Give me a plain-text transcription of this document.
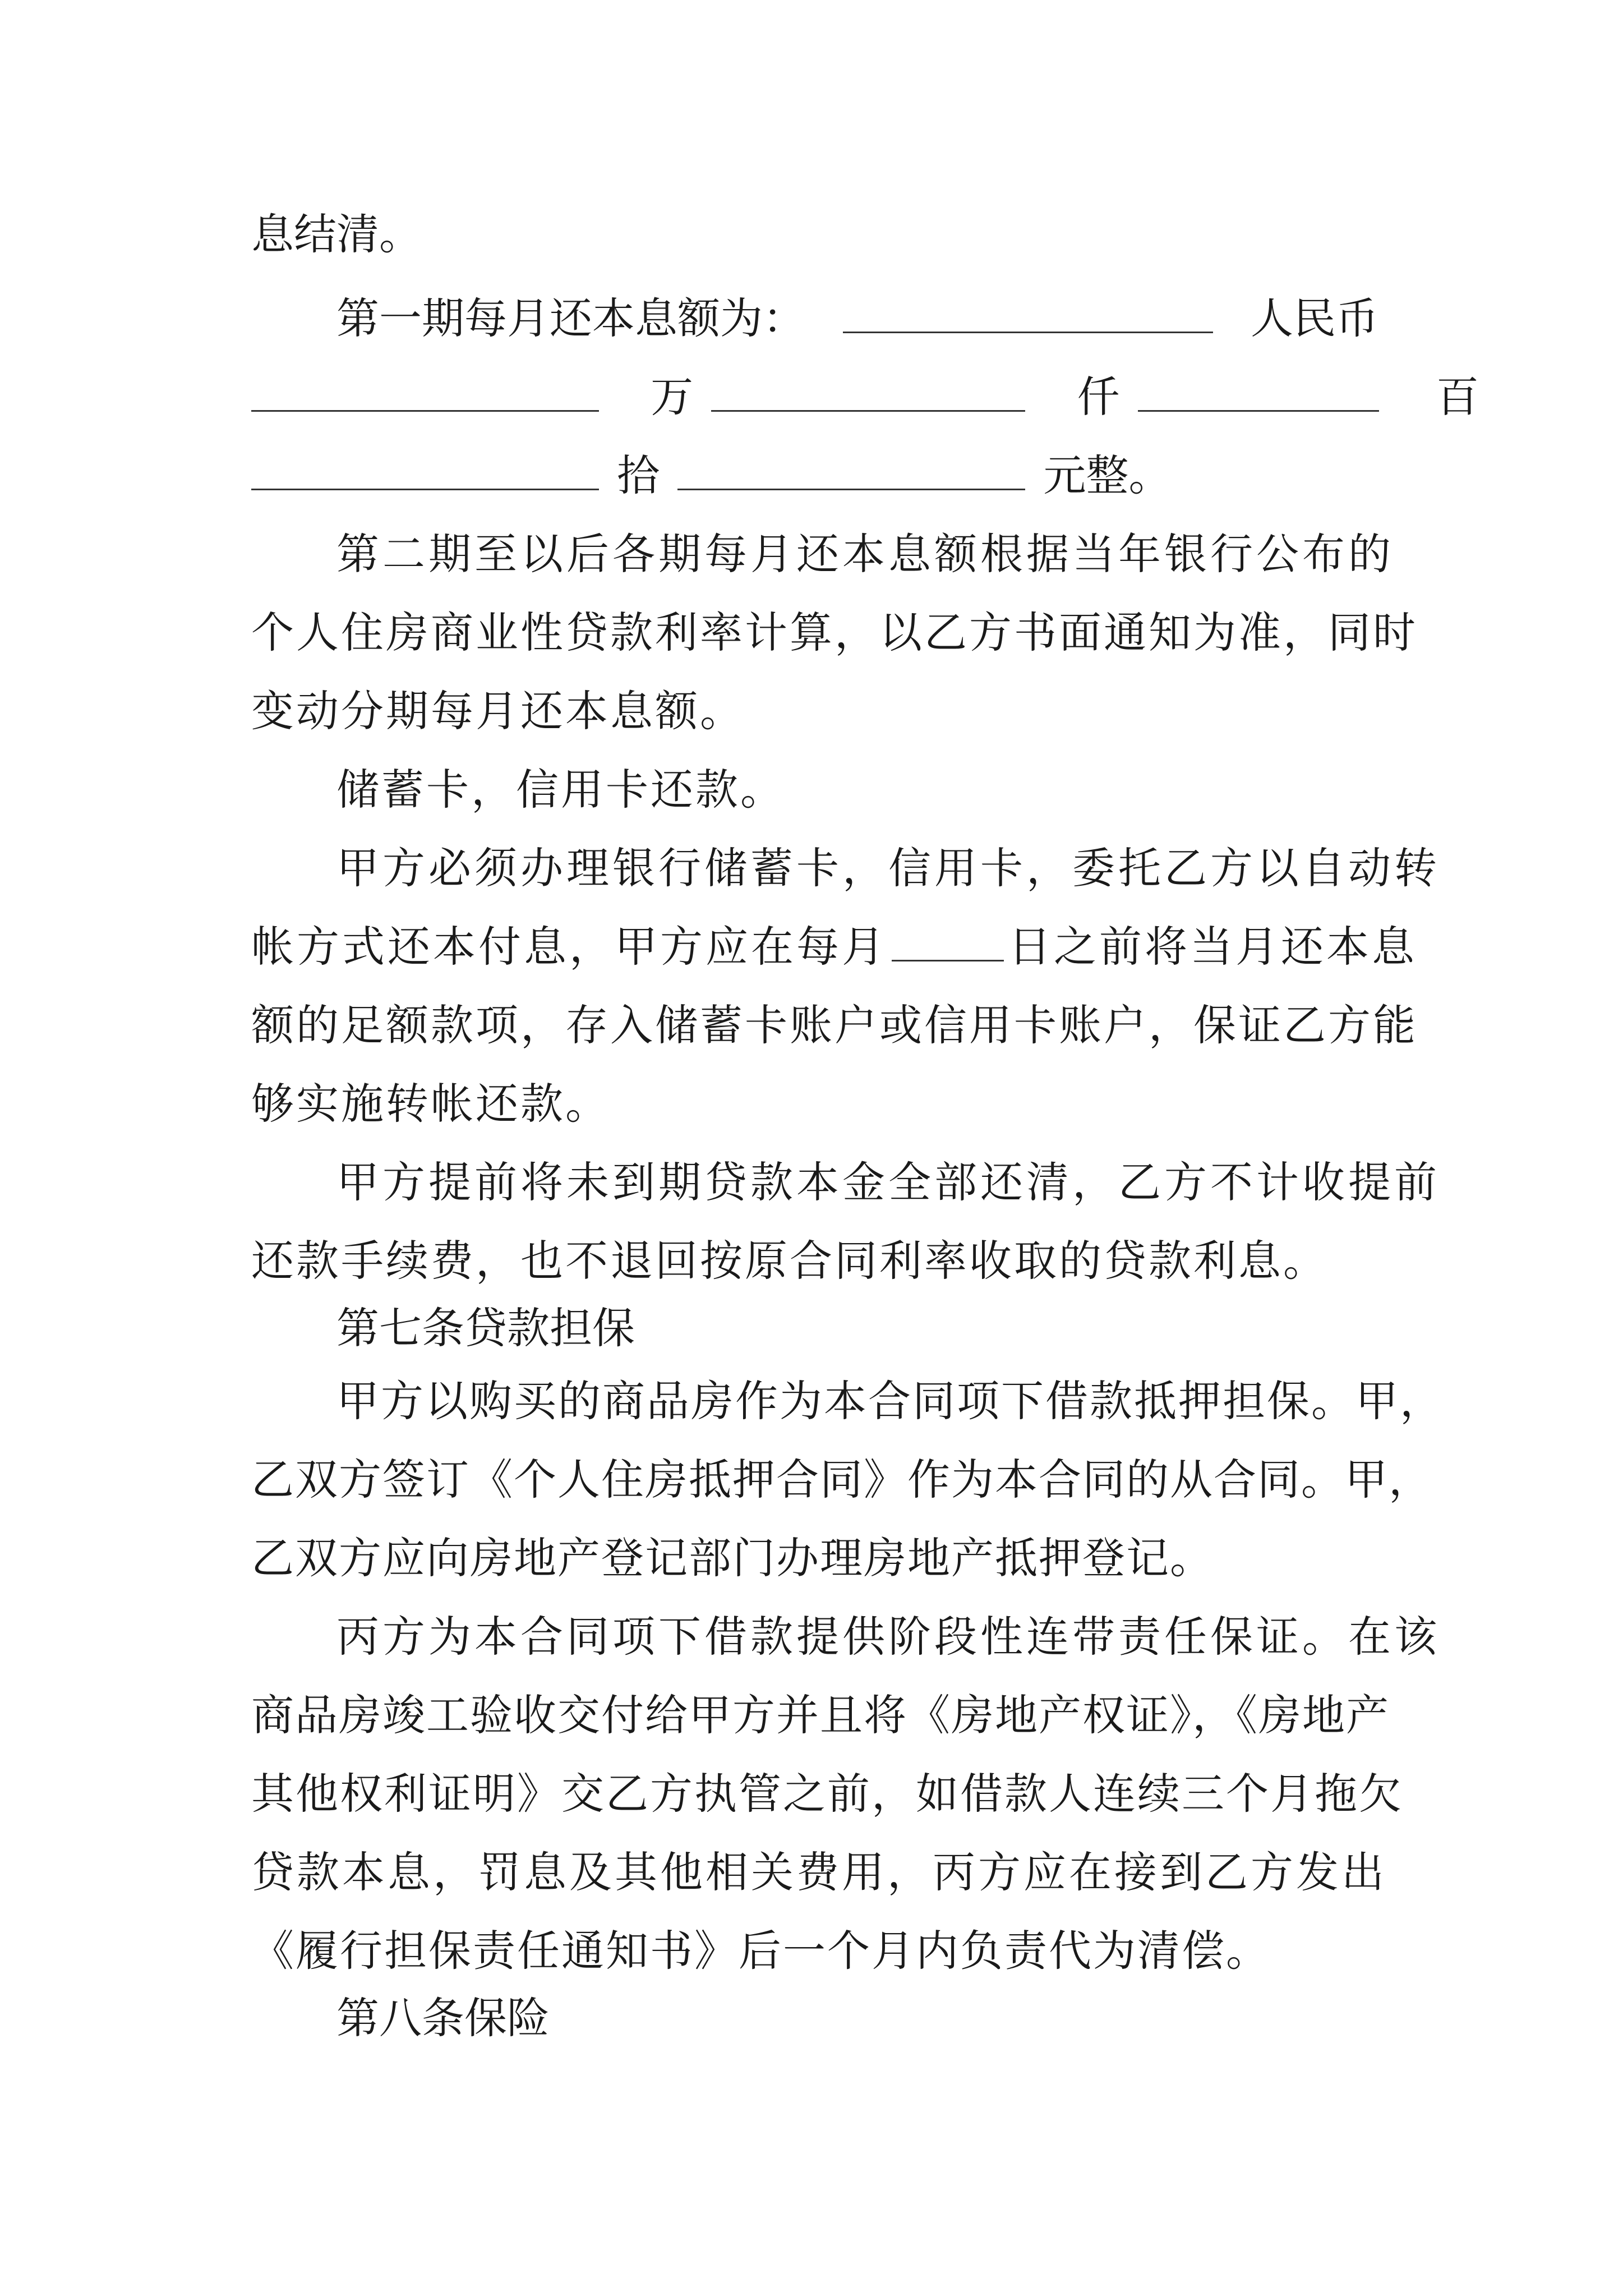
息结清。
第一期每月还本息额为：	人民币
万	仟	百
拾	元整。
第二期至以后各期每月还本息额根据当年银行公布的
个人住房商业性贷款利率计算，以乙方书面通知为准，同时
变动分期每月还本息额。
储蓄卡，信用卡还款。
甲方必须办理银行储蓄卡，信用卡，委托乙方以自动转
帐方式还本付息，甲方应在每月	日之前将当月还本息
额的足额款项，存入储蓄卡账户或信用卡账户，保证乙方能
够实施转帐还款。
甲方提前将未到期贷款本金全部还清，乙方不计收提前
还款手续费，也不退回按原合同利率收取的贷款利息。
第七条贷款担保
甲方以购买的商品房作为本合同项下借款抵押担保。甲，
乙双方签订《个人住房抵押合同》作为本合同的从合同。甲，
乙双方应向房地产登记部门办理房地产抵押登记。
丙方为本合同项下借款提供阶段性连带责任保证。在该
商品房竣工验收交付给甲方并且将《房地产权证》，《房地产
其他权利证明》交乙方执管之前，如借款人连续三个月拖欠
贷款本息，罚息及其他相关费用，丙方应在接到乙方发出
《履行担保责任通知书》后一个月内负责代为清偿。
第八条保险
